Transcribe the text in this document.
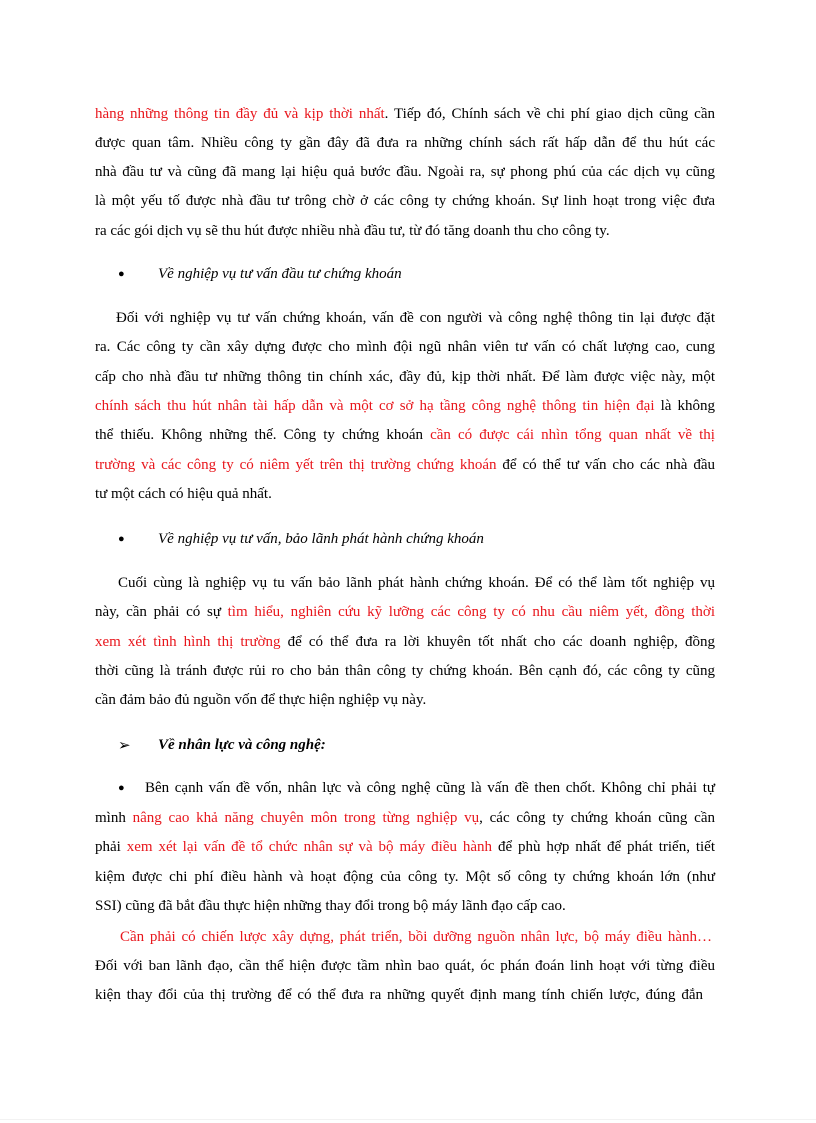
hàng những thông tin đầy đủ và kịp thời nhất. Tiếp đó, Chính sách về chi phí giao dịch cũng cần
được quan tâm. Nhiều công ty gần đây đã đưa ra những chính sách rất hấp dẫn để thu hút các
nhà đầu tư và cũng đã mang lại hiệu quả bước đầu. Ngoài ra, sự phong phú của các dịch vụ cũng
là một yếu tố được nhà đầu tư trông chờ ở các công ty chứng khoán. Sự linh hoạt trong việc đưa
ra các gói dịch vụ sẽ thu hút được nhiều nhà đầu tư, từ đó tăng doanh thu cho công ty.
● Về nghiệp vụ tư vấn đầu tư chứng khoán
Đối với nghiệp vụ tư vấn chứng khoán, vấn đề con người và công nghệ thông tin lại được đặt
ra. Các công ty cần xây dựng được cho mình đội ngũ nhân viên tư vấn có chất lượng cao, cung
cấp cho nhà đầu tư những thông tin chính xác, đầy đủ, kịp thời nhất. Để làm được việc này, một
chính sách thu hút nhân tài hấp dẫn và một cơ sở hạ tầng công nghệ thông tin hiện đại là không
thể thiếu. Không những thế. Công ty chứng khoán cần có được cái nhìn tổng quan nhất về thị
trường và các công ty có niêm yết trên thị trường chứng khoán để có thể tư vấn cho các nhà đầu
tư một cách có hiệu quả nhất.
● Về nghiệp vụ tư vấn, bảo lãnh phát hành chứng khoán
Cuối cùng là nghiệp vụ tu vấn bảo lãnh phát hành chứng khoán. Để có thể làm tốt nghiệp vụ
này, cần phải có sự tìm hiểu, nghiên cứu kỹ lưỡng các công ty có nhu cầu niêm yết, đồng thời
xem xét tình hình thị trường để có thể đưa ra lời khuyên tốt nhất cho các doanh nghiệp, đồng
thời cũng là tránh được rủi ro cho bản thân công ty chứng khoán. Bên cạnh đó, các công ty cũng
cần đảm bảo đủ nguồn vốn để thực hiện nghiệp vụ này.
➢ Về nhân lực và công nghệ:
● Bên cạnh vấn đề vốn, nhân lực và công nghệ cũng là vấn đề then chốt. Không chỉ phải tự
mình nâng cao khả năng chuyên môn trong từng nghiệp vụ, các công ty chứng khoán cũng cần
phải xem xét lại vấn đề tổ chức nhân sự và bộ máy điều hành để phù hợp nhất để phát triển, tiết
kiệm được chi phí điều hành và hoạt động của công ty. Một số công ty chứng khoán lớn (như
SSI) cũng đã bắt đầu thực hiện những thay đổi trong bộ máy lãnh đạo cấp cao.
Cần phải có chiến lược xây dựng, phát triển, bồi dưỡng nguồn nhân lực, bộ máy điều hành…
Đối với ban lãnh đạo, cần thể hiện được tầm nhìn bao quát, óc phán đoán linh hoạt với từng điều
kiện thay đổi của thị trường để có thể đưa ra những quyết định mang tính chiến lược, đúng đắn
